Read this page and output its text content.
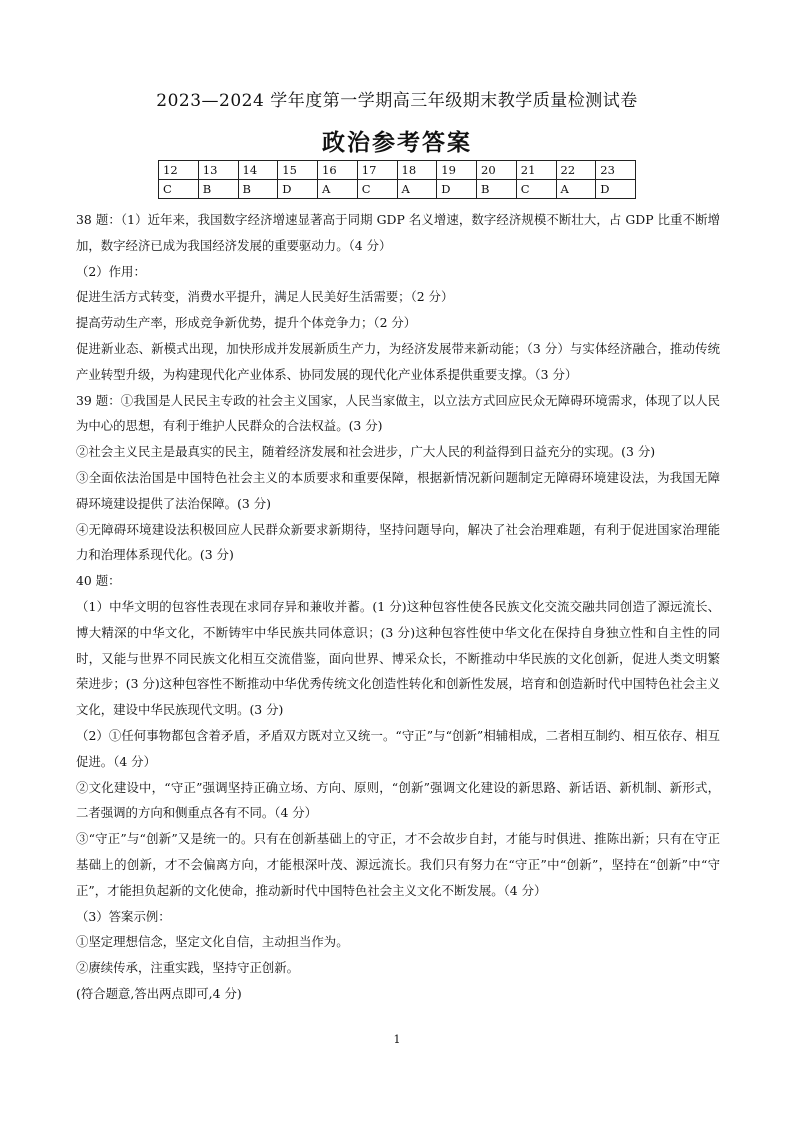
2023—2024 学年度第一学期高三年级期末教学质量检测试卷
政治参考答案
12	13	14	15	16	17	18	19	20	21	22	23
C	B	B	D	A	C	A	D	B	C	A	D

38 题：（1）近年来，我国数字经济增速显著高于同期 GDP 名义增速，数字经济规模不断壮大，占 GDP 比重不断增加，数字经济已成为我国经济发展的重要驱动力。（4 分）

（2）作用：

促进生活方式转变，消费水平提升，满足人民美好生活需要；（2 分）

提高劳动生产率，形成竞争新优势，提升个体竞争力；（2 分）

促进新业态、新模式出现，加快形成并发展新质生产力，为经济发展带来新动能；（3 分）与实体经济融合，推动传统产业转型升级，为构建现代化产业体系、协同发展的现代化产业体系提供重要支撑。（3 分）

39 题：①我国是人民民主专政的社会主义国家，人民当家做主，以立法方式回应民众无障碍环境需求，体现了以人民为中心的思想，有利于维护人民群众的合法权益。(3 分)

②社会主义民主是最真实的民主，随着经济发展和社会进步，广大人民的利益得到日益充分的实现。(3 分)

③全面依法治国是中国特色社会主义的本质要求和重要保障，根据新情况新问题制定无障碍环境建设法，为我国无障碍环境建设提供了法治保障。(3 分)

④无障碍环境建设法积极回应人民群众新要求新期待，坚持问题导向，解决了社会治理难题，有利于促进国家治理能力和治理体系现代化。(3 分)

40 题：

（1）中华文明的包容性表现在求同存异和兼收并蓄。(1 分)这种包容性使各民族文化交流交融共同创造了源远流长、博大精深的中华文化，不断铸牢中华民族共同体意识；(3 分)这种包容性使中华文化在保持自身独立性和自主性的同时，又能与世界不同民族文化相互交流借鉴，面向世界、博采众长，不断推动中华民族的文化创新，促进人类文明繁荣进步；(3 分)这种包容性不断推动中华优秀传统文化创造性转化和创新性发展，培育和创造新时代中国特色社会主义文化，建设中华民族现代文明。(3 分)

（2）①任何事物都包含着矛盾，矛盾双方既对立又统一。“守正”与“创新”相辅相成，二者相互制约、相互依存、相互促进。（4 分）

②文化建设中，“守正”强调坚持正确立场、方向、原则，“创新”强调文化建设的新思路、新话语、新机制、新形式，二者强调的方向和侧重点各有不同。（4 分）

③“守正”与“创新”又是统一的。只有在创新基础上的守正，才不会故步自封，才能与时俱进、推陈出新；只有在守正基础上的创新，才不会偏离方向，才能根深叶茂、源远流长。我们只有努力在“守正”中“创新”，坚持在“创新”中“守正”，才能担负起新的文化使命，推动新时代中国特色社会主义文化不断发展。（4 分）

（3）答案示例：

①坚定理想信念，坚定文化自信，主动担当作为。

②赓续传承，注重实践，坚持守正创新。

(符合题意,答出两点即可,4 分)

1
